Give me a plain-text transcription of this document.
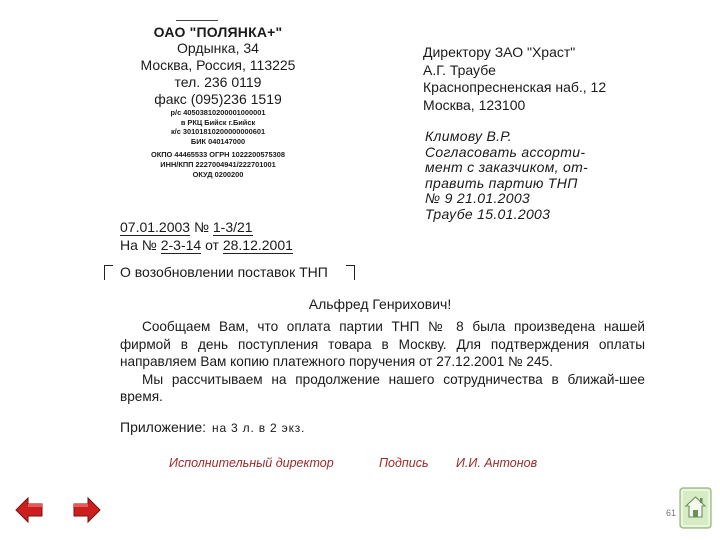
ОАО "ПОЛЯНКА+"
Ордынка, 34
Москва, Россия, 113225
тел. 236 0119
факс (095)236 1519
р/с 40503810200001000001
в РКЦ Бийск г.Бийск
к/с 30101810200000000601
БИК 040147000
ОКПО 44465533 ОГРН 1022200575308
ИНН/КПП 2227004941/222701001
ОКУД 0200200
Директору ЗАО "Храст"
А.Г. Траубе
Краснопресненская наб., 12
Москва, 123100
Климову В.Р.
Согласовать ассорти-
мент с заказчиком, от-
править партию ТНП
№ 9 21.01.2003
Траубе 15.01.2003
07.01.2003 № 1-3/21
На № 2-3-14 от 28.12.2001
О возобновлении поставок ТНП
Альфред Генрихович!

Сообщаем Вам, что оплата партии ТНП № 8 была произведена нашей фирмой в день поступления товара в Москву. Для подтверждения оплаты направляем Вам копию платежного поручения от 27.12.2001 № 245.

Мы рассчитываем на продолжение нашего сотрудничества в ближай-шее время.

Приложение: на 3 л. в 2 экз.
Исполнительный директор	Подпись И.И. Антонов
61
